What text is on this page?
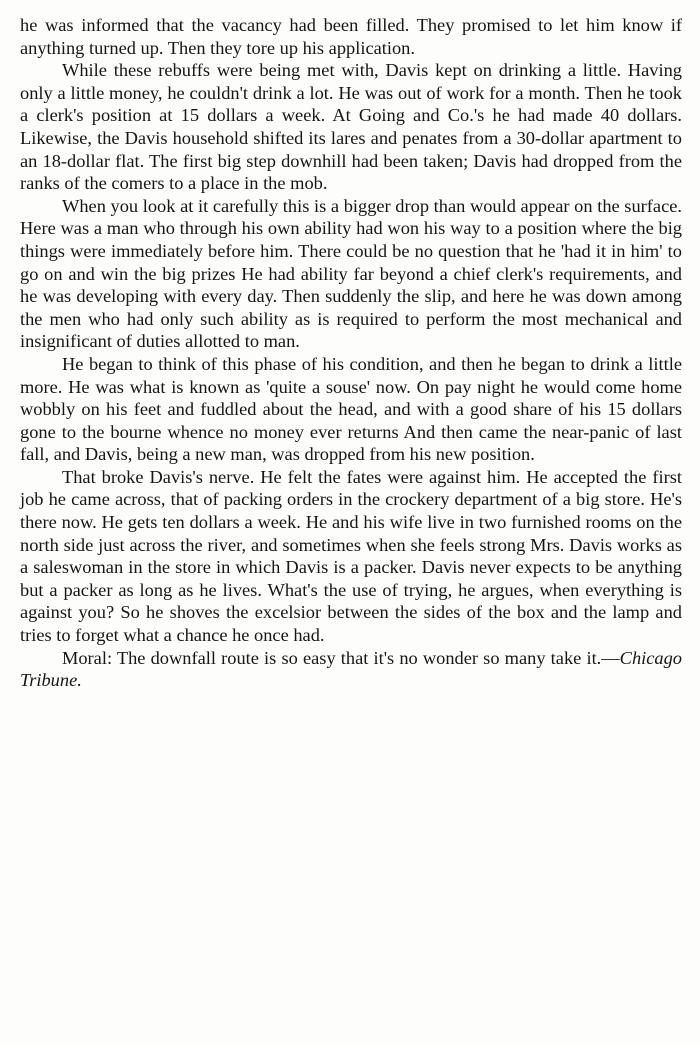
he was informed that the vacancy had been filled. They promised to let him know if anything turned up. Then they tore up his application.

While these rebuffs were being met with, Davis kept on drinking a little. Having only a little money, he couldn't drink a lot. He was out of work for a month. Then he took a clerk's position at 15 dollars a week. At Going and Co.'s he had made 40 dollars. Likewise, the Davis household shifted its lares and penates from a 30-dollar apartment to an 18-dollar flat. The first big step downhill had been taken; Davis had dropped from the ranks of the comers to a place in the mob.

When you look at it carefully this is a bigger drop than would appear on the surface. Here was a man who through his own ability had won his way to a position where the big things were immediately before him. There could be no question that he 'had it in him' to go on and win the big prizes He had ability far beyond a chief clerk's requirements, and he was developing with every day. Then suddenly the slip, and here he was down among the men who had only such ability as is required to perform the most mechanical and insignificant of duties allotted to man.

He began to think of this phase of his condition, and then he began to drink a little more. He was what is known as 'quite a souse' now. On pay night he would come home wobbly on his feet and fuddled about the head, and with a good share of his 15 dollars gone to the bourne whence no money ever returns And then came the near-panic of last fall, and Davis, being a new man, was dropped from his new position.

That broke Davis's nerve. He felt the fates were against him. He accepted the first job he came across, that of packing orders in the crockery department of a big store. He's there now. He gets ten dollars a week. He and his wife live in two furnished rooms on the north side just across the river, and sometimes when she feels strong Mrs. Davis works as a saleswoman in the store in which Davis is a packer. Davis never expects to be anything but a packer as long as he lives. What's the use of trying, he argues, when everything is against you? So he shoves the excelsior between the sides of the box and the lamp and tries to forget what a chance he once had.

Moral: The downfall route is so easy that it's no wonder so many take it.—Chicago Tribune.
